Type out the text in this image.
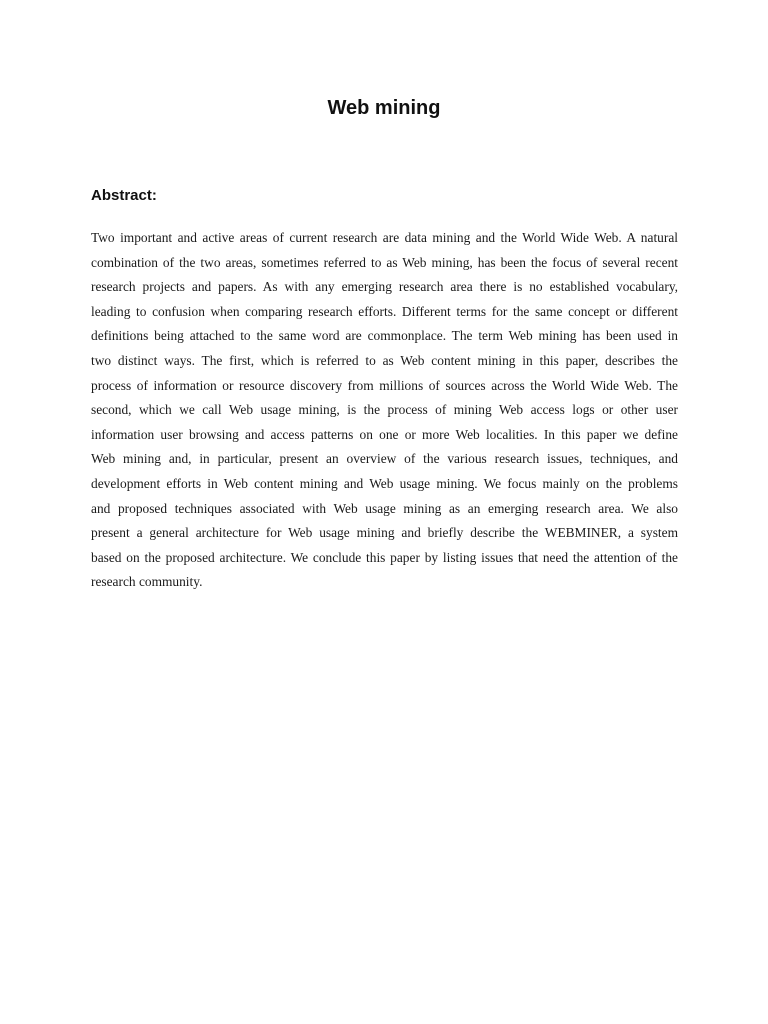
Web mining
Abstract:
Two important and active areas of current research are data mining and the World Wide Web. A natural
combination of the two areas, sometimes referred to as Web mining, has been the focus of several recent
research projects and papers. As with any emerging research area there is no established vocabulary,
leading to confusion when comparing research efforts. Different terms for the same concept or different
definitions being attached to the same word are commonplace. The term Web mining has been used in
two distinct ways. The first, which is referred to as Web content mining in this paper, describes the
process of information or resource discovery from millions of sources across the World Wide Web. The
second, which we call Web usage mining, is the process of mining Web access logs or other user
information user browsing and access patterns on one or more Web localities. In this paper we define
Web mining and, in particular, present an overview of the various research issues, techniques, and
development efforts in Web content mining and Web usage mining. We focus mainly on the problems
and proposed techniques associated with Web usage mining as an emerging research area. We also
present a general architecture for Web usage mining and briefly describe the WEBMINER, a system
based on the proposed architecture. We conclude this paper by listing issues that need the attention of the
research community.
